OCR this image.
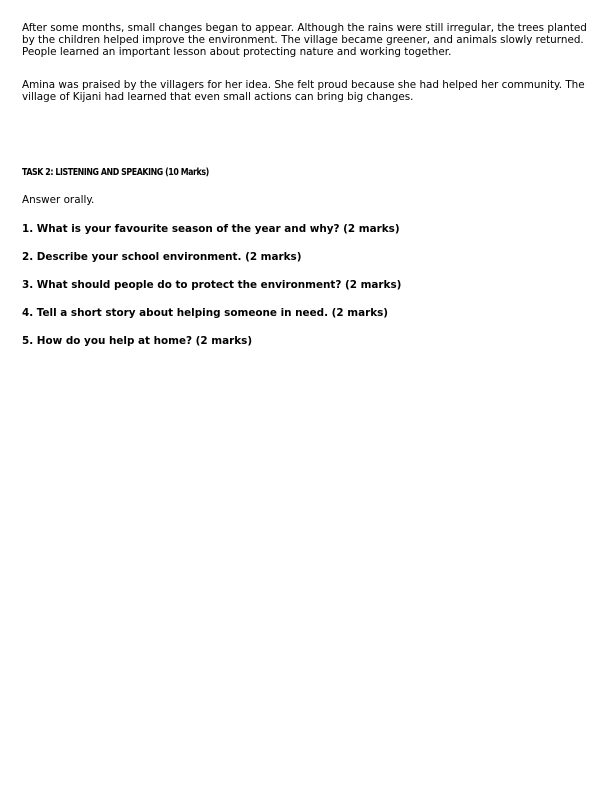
After some months, small changes began to appear. Although the rains were still irregular, the trees planted by the children helped improve the environment. The village became greener, and animals slowly returned. People learned an important lesson about protecting nature and working together.

Amina was praised by the villagers for her idea. She felt proud because she had helped her community. The village of Kijani had learned that even small actions can bring big changes.

TASK 2: LISTENING AND SPEAKING (10 Marks)

Answer orally.

1. What is your favourite season of the year and why? (2 marks)

2. Describe your school environment. (2 marks)

3. What should people do to protect the environment? (2 marks)

4. Tell a short story about helping someone in need. (2 marks)

5. How do you help at home? (2 marks)
